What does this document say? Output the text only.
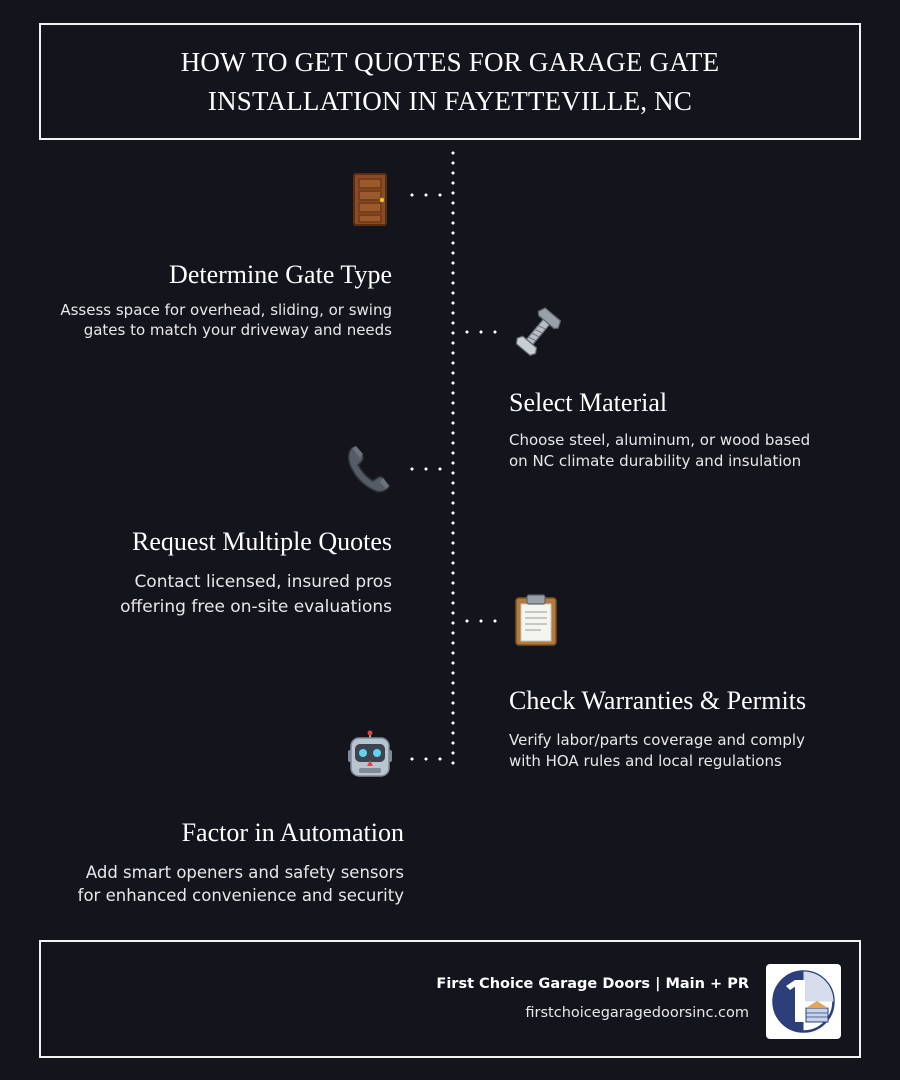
HOW TO GET QUOTES FOR GARAGE GATE INSTALLATION IN FAYETTEVILLE, NC
Determine Gate Type
Assess space for overhead, sliding, or swing
gates to match your driveway and needs
Select Material
Choose steel, aluminum, or wood based
on NC climate durability and insulation
Request Multiple Quotes
Contact licensed, insured pros
offering free on-site evaluations
Check Warranties & Permits
Verify labor/parts coverage and comply
with HOA rules and local regulations
Factor in Automation
Add smart openers and safety sensors
for enhanced convenience and security
First Choice Garage Doors | Main + PR
firstchoicegaragedoorsinc.com
